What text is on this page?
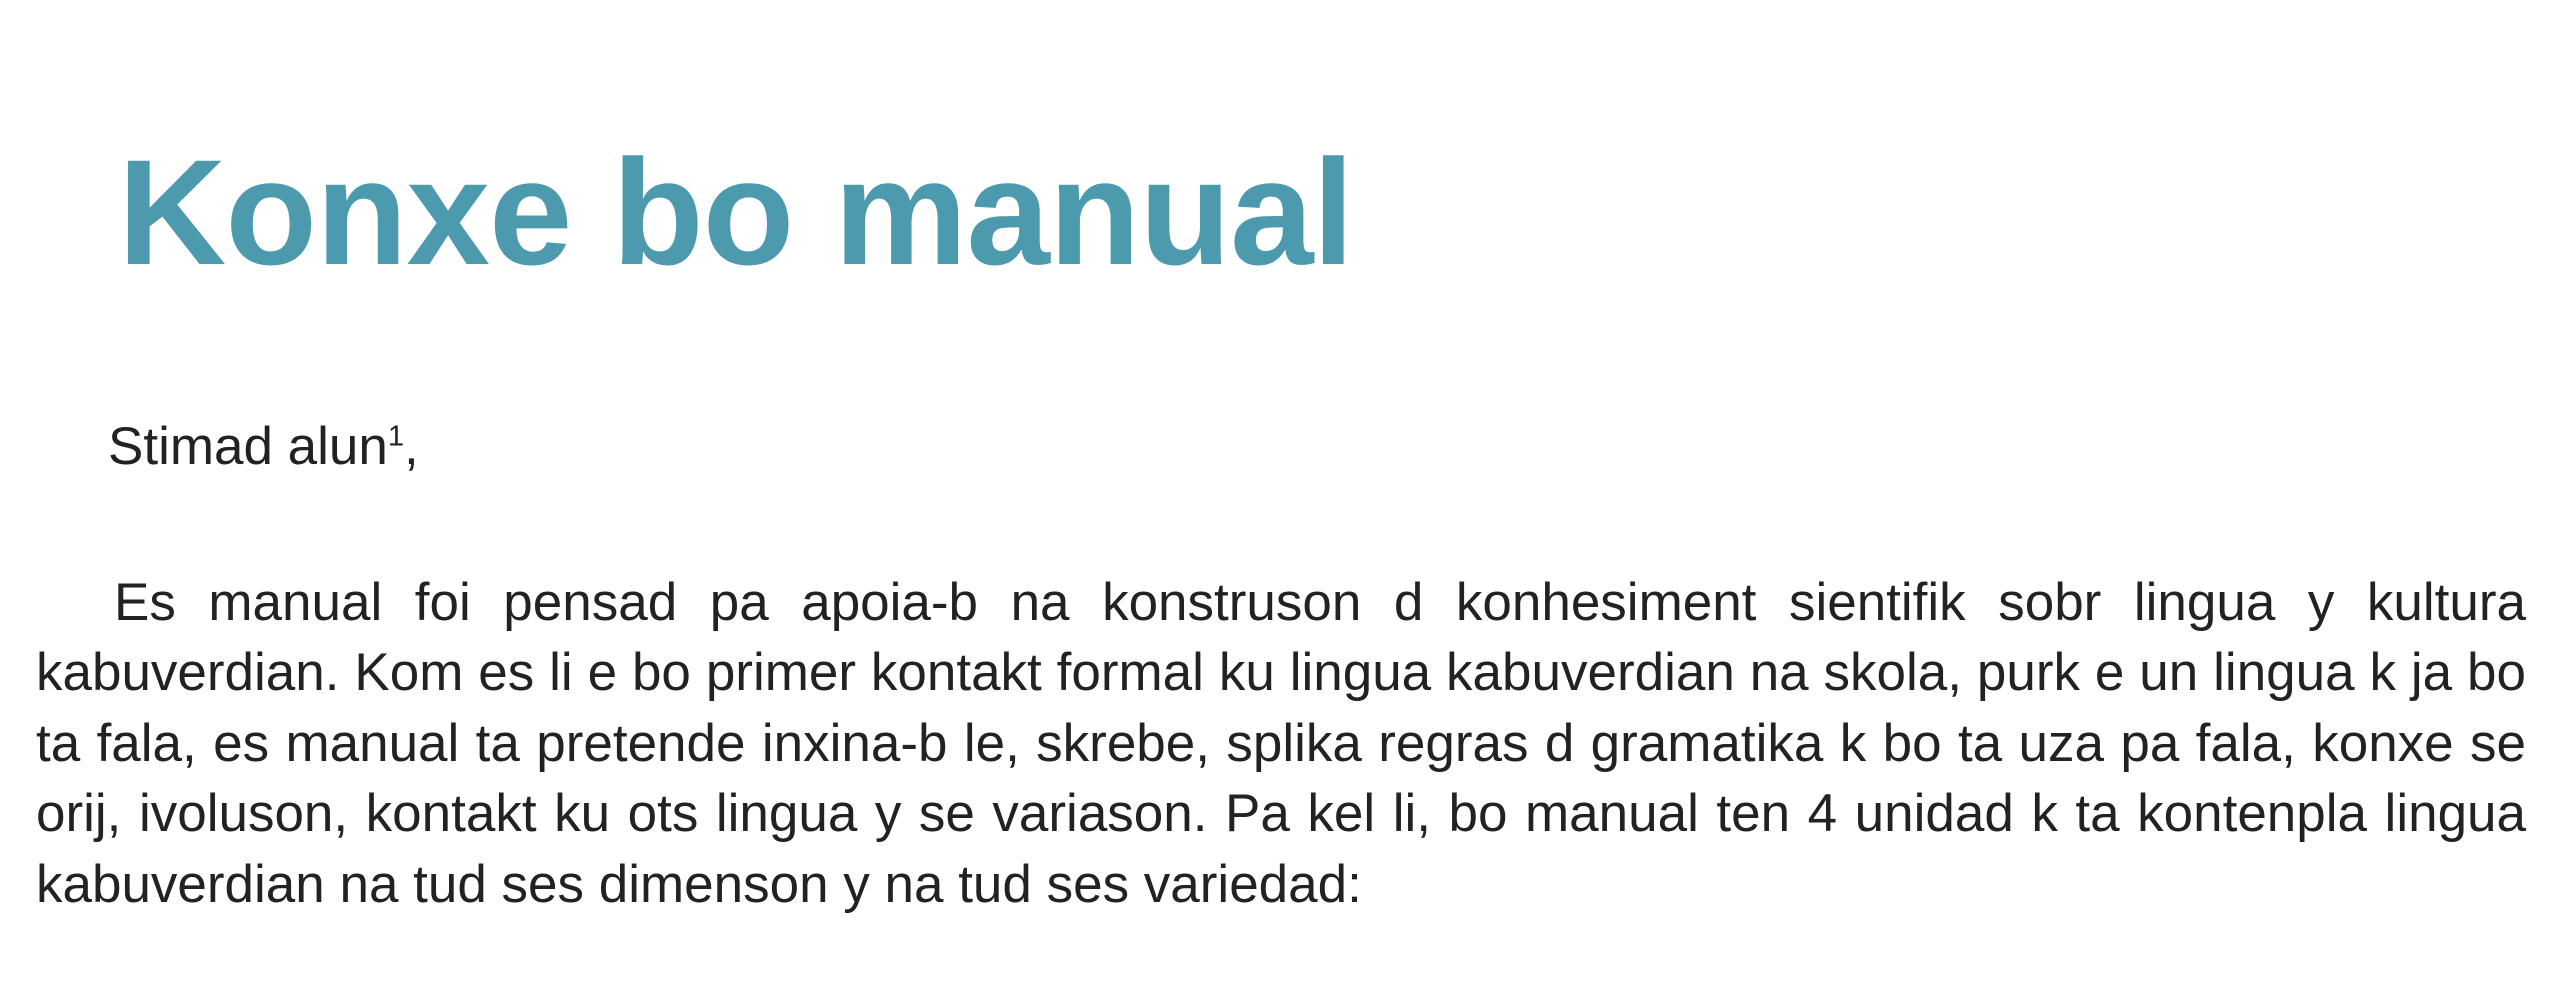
Konxe bo manual

Stimad alun$^1$,

Es manual foi pensad pa apoia-b na konstruson d konhesiment sientifik sobr lingua y kultura kabuverdian. Kom es li e bo primer kontakt formal ku lingua kabuverdian na skola, purk e un lingua k ja bo ta fala, es manual ta pretende inxina-b le, skrebe, splika regras d gramatika k bo ta uza pa fala, konxe se orij, ivoluson, kontakt ku ots lingua y se variason. Pa kel li, bo manual ten 4 unidad k ta kontenpla lingua kabuverdian na tud ses dimenson y na tud ses variedad:
